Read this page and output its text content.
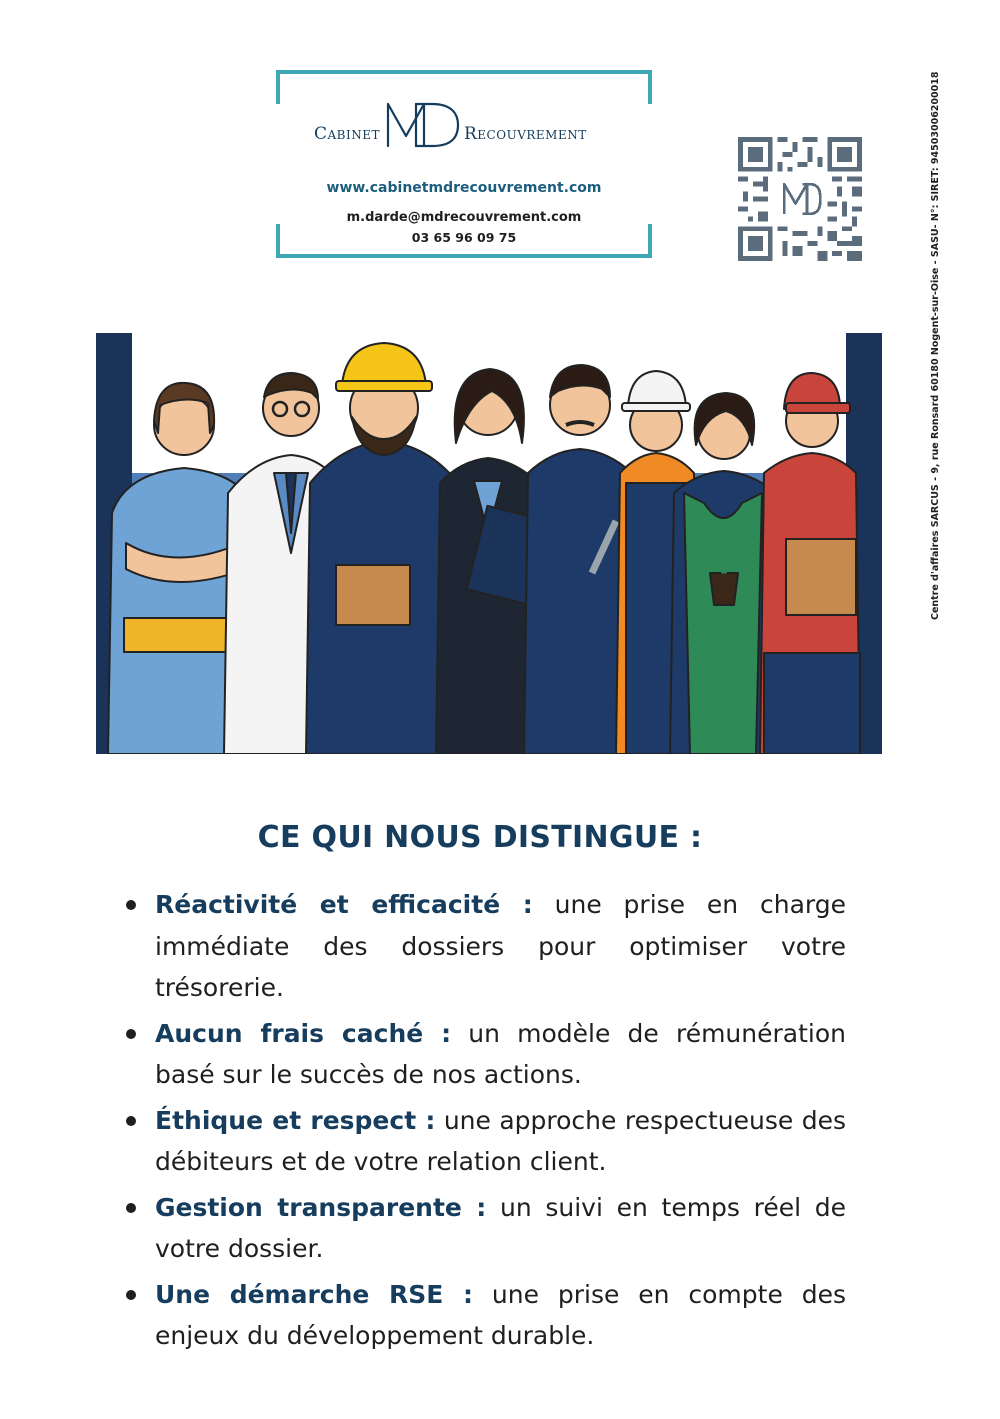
Cabinet	Recouvrement
www.cabinetmdrecouvrement.com
m.darde@mdrecouvrement.com
03 65 96 09 75	Centre d'affaires SARCUS - 9, rue Ronsard 60180 Nogent-sur-Oise - SASU- N°: SIRET: 94503006200018
CE QUI NOUS DISTINGUE :

Réactivité et efficacité : une prise en charge immédiate des dossiers pour optimiser votre trésorerie.

Aucun frais caché : un modèle de rémunération basé sur le succès de nos actions.

Éthique et respect : une approche respectueuse des débiteurs et de votre relation client.

Gestion transparente : un suivi en temps réel de votre dossier.

Une démarche RSE : une prise en compte des enjeux du développement durable.
